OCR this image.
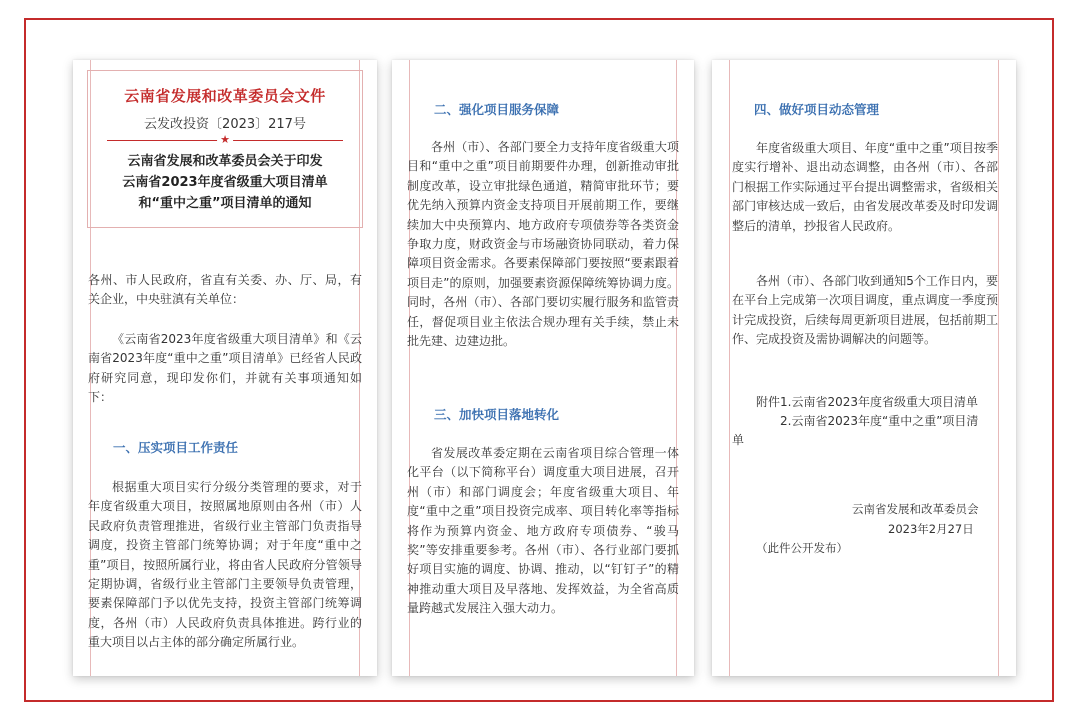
云南省发展和改革委员会文件
云发改投资〔2023〕217号
★
云南省发展和改革委员会关于印发
云南省2023年度省级重大项目清单
和“重中之重”项目清单的通知

各州、市人民政府，省直有关委、办、厅、局，有关企业，中央驻滇有关单位：

《云南省2023年度省级重大项目清单》和《云南省2023年度“重中之重”项目清单》已经省人民政府研究同意，现印发你们，并就有关事项通知如下：

一、压实项目工作责任

根据重大项目实行分级分类管理的要求，对于年度省级重大项目，按照属地原则由各州（市）人民政府负责管理推进，省级行业主管部门负责指导调度，投资主管部门统筹协调；对于年度“重中之重”项目，按照所属行业，将由省人民政府分管领导定期协调，省级行业主管部门主要领导负责管理，要素保障部门予以优先支持，投资主管部门统筹调度，各州（市）人民政府负责具体推进。跨行业的重大项目以占主体的部分确定所属行业。

二、强化项目服务保障

各州（市）、各部门要全力支持年度省级重大项目和“重中之重”项目前期要件办理，创新推动审批制度改革，设立审批绿色通道，精简审批环节；要优先纳入预算内资金支持项目开展前期工作，要继续加大中央预算内、地方政府专项债券等各类资金争取力度，财政资金与市场融资协同联动，着力保障项目资金需求。各要素保障部门要按照“要素跟着项目走”的原则，加强要素资源保障统筹协调力度。同时，各州（市）、各部门要切实履行服务和监管责任，督促项目业主依法合规办理有关手续，禁止未批先建、边建边批。

三、加快项目落地转化

省发展改革委定期在云南省项目综合管理一体化平台（以下简称平台）调度重大项目进展，召开州（市）和部门调度会；年度省级重大项目、年度“重中之重”项目投资完成率、项目转化率等指标将作为预算内资金、地方政府专项债券、“骏马奖”等安排重要参考。各州（市）、各行业部门要抓好项目实施的调度、协调、推动，以“钉钉子”的精神推动重大项目及早落地、发挥效益，为全省高质量跨越式发展注入强大动力。

四、做好项目动态管理

年度省级重大项目、年度“重中之重”项目按季度实行增补、退出动态调整，由各州（市）、各部门根据工作实际通过平台提出调整需求，省级相关部门审核达成一致后，由省发展改革委及时印发调整后的清单，抄报省人民政府。

各州（市）、各部门收到通知5个工作日内，要在平台上完成第一次项目调度，重点调度一季度预计完成投资，后续每周更新项目进展，包括前期工作、完成投资及需协调解决的问题等。

附件1.云南省2023年度省级重大项目清单

2.云南省2023年度“重中之重”项目清

单

云南省发展和改革委员会

2023年2月27日

（此件公开发布）
